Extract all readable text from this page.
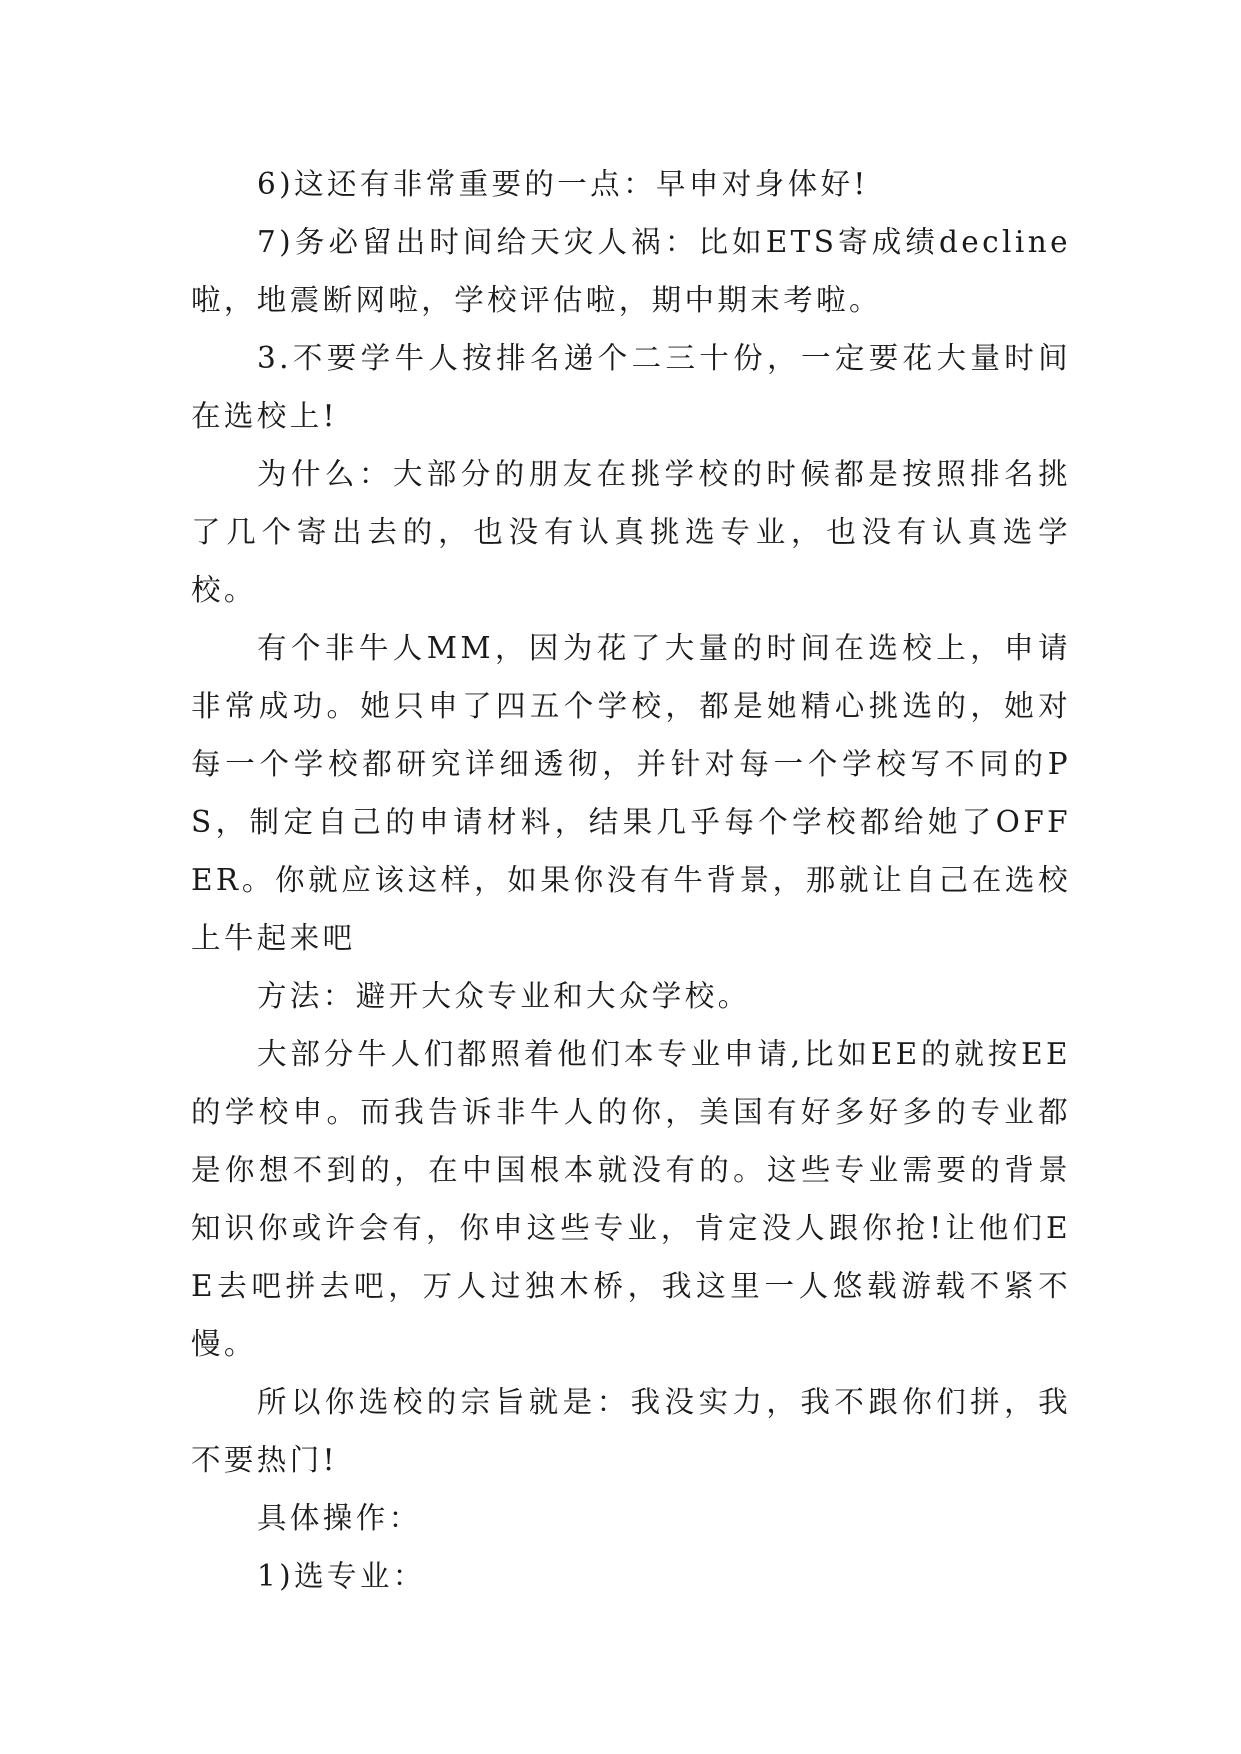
6)这还有非常重要的一点：早申对身体好!

7)务必留出时间给天灾人祸：比如ETS寄成绩decline啦，地震断网啦，学校评估啦，期中期末考啦。

3.不要学牛人按排名递个二三十份，一定要花大量时间在选校上!

为什么：大部分的朋友在挑学校的时候都是按照排名挑了几个寄出去的，也没有认真挑选专业，也没有认真选学校。

有个非牛人MM，因为花了大量的时间在选校上，申请非常成功。她只申了四五个学校，都是她精心挑选的，她对每一个学校都研究详细透彻，并针对每一个学校写不同的PS，制定自己的申请材料，结果几乎每个学校都给她了OFFER。你就应该这样，如果你没有牛背景，那就让自己在选校上牛起来吧

方法：避开大众专业和大众学校。

大部分牛人们都照着他们本专业申请,比如EE的就按EE的学校申。而我告诉非牛人的你，美国有好多好多的专业都是你想不到的，在中国根本就没有的。这些专业需要的背景知识你或许会有，你申这些专业，肯定没人跟你抢!让他们EE去吧拼去吧，万人过独木桥，我这里一人悠载游载不紧不慢。

所以你选校的宗旨就是：我没实力，我不跟你们拼，我不要热门!

具体操作：

1)选专业：
